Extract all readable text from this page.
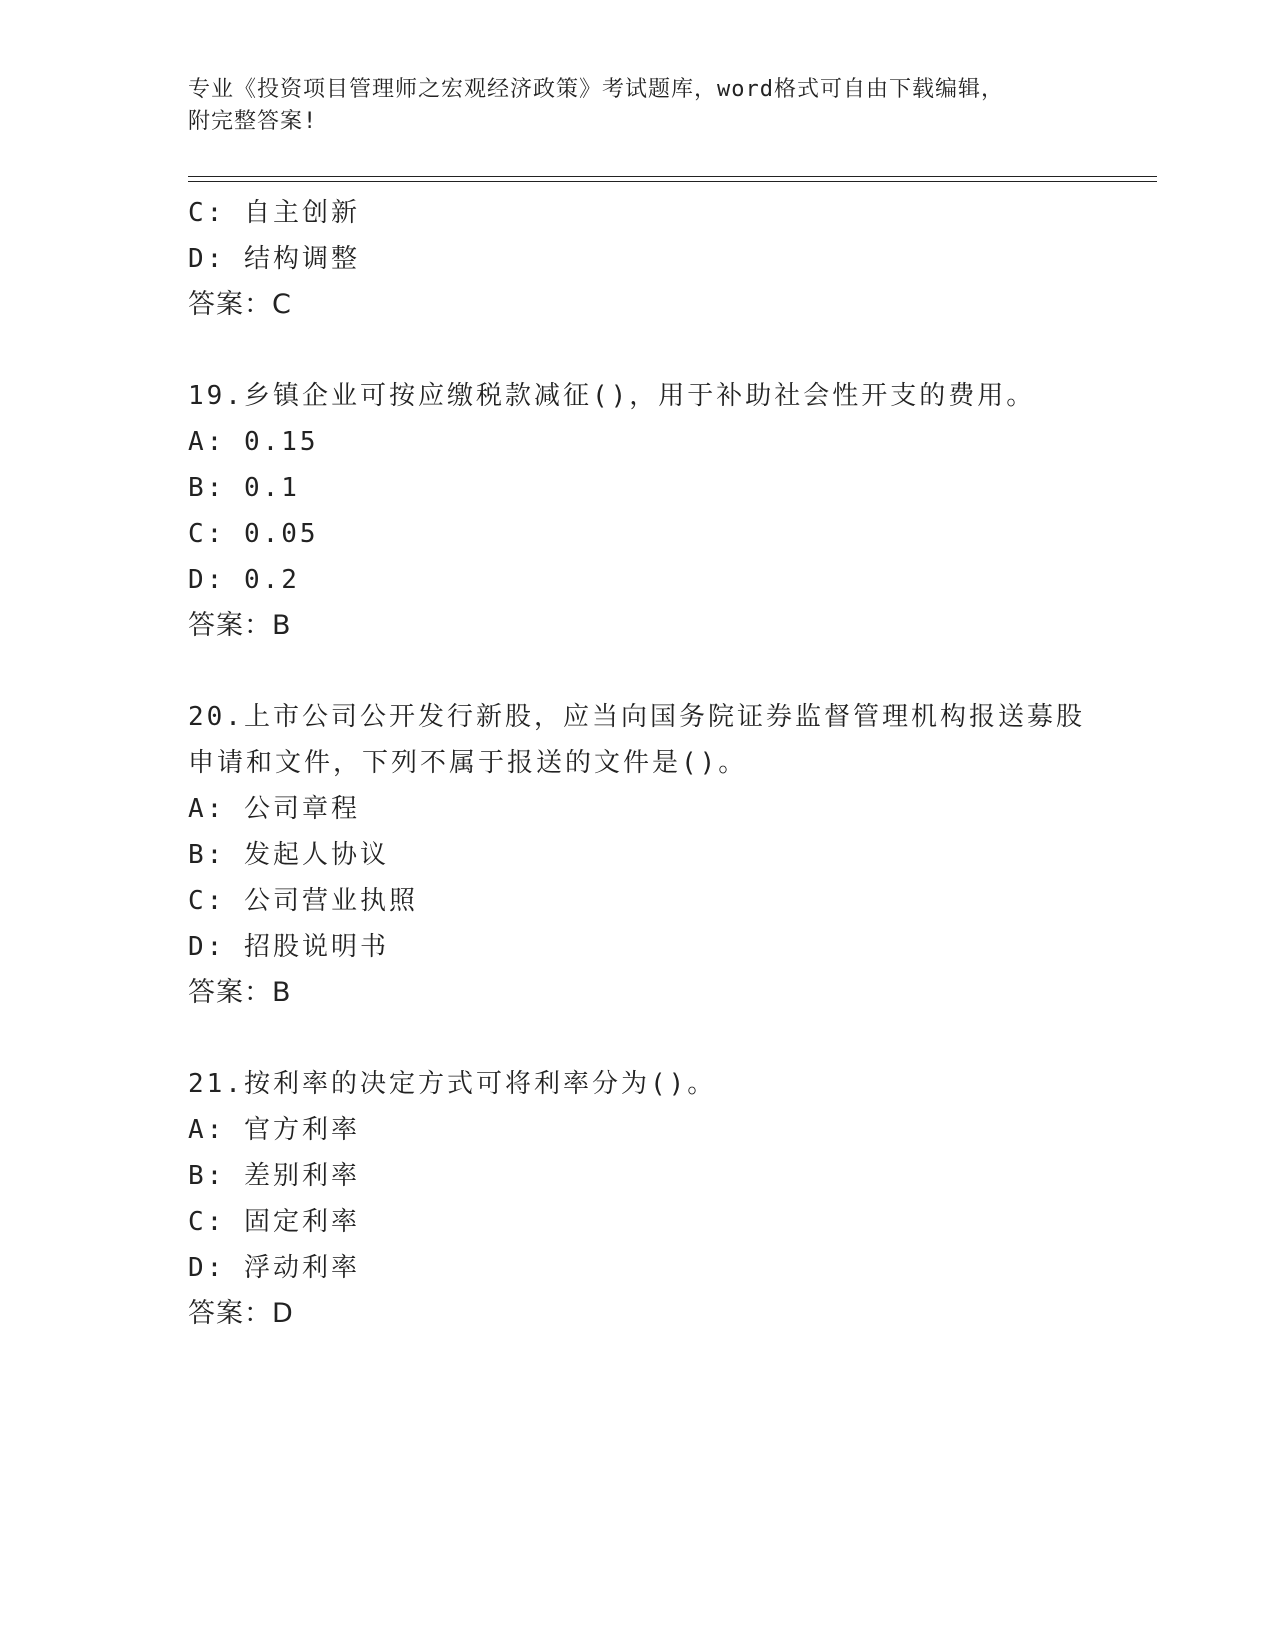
专业《投资项目管理师之宏观经济政策》考试题库，word格式可自由下载编辑，
附完整答案!
C: 自主创新
D: 结构调整
答案：C
19.乡镇企业可按应缴税款减征()，用于补助社会性开支的费用。
A: 0.15
B: 0.1
C: 0.05
D: 0.2
答案：B
20.上市公司公开发行新股，应当向国务院证券监督管理机构报送募股
申请和文件，下列不属于报送的文件是()。
A: 公司章程
B: 发起人协议
C: 公司营业执照
D: 招股说明书
答案：B
21.按利率的决定方式可将利率分为()。
A: 官方利率
B: 差别利率
C: 固定利率
D: 浮动利率
答案：D
